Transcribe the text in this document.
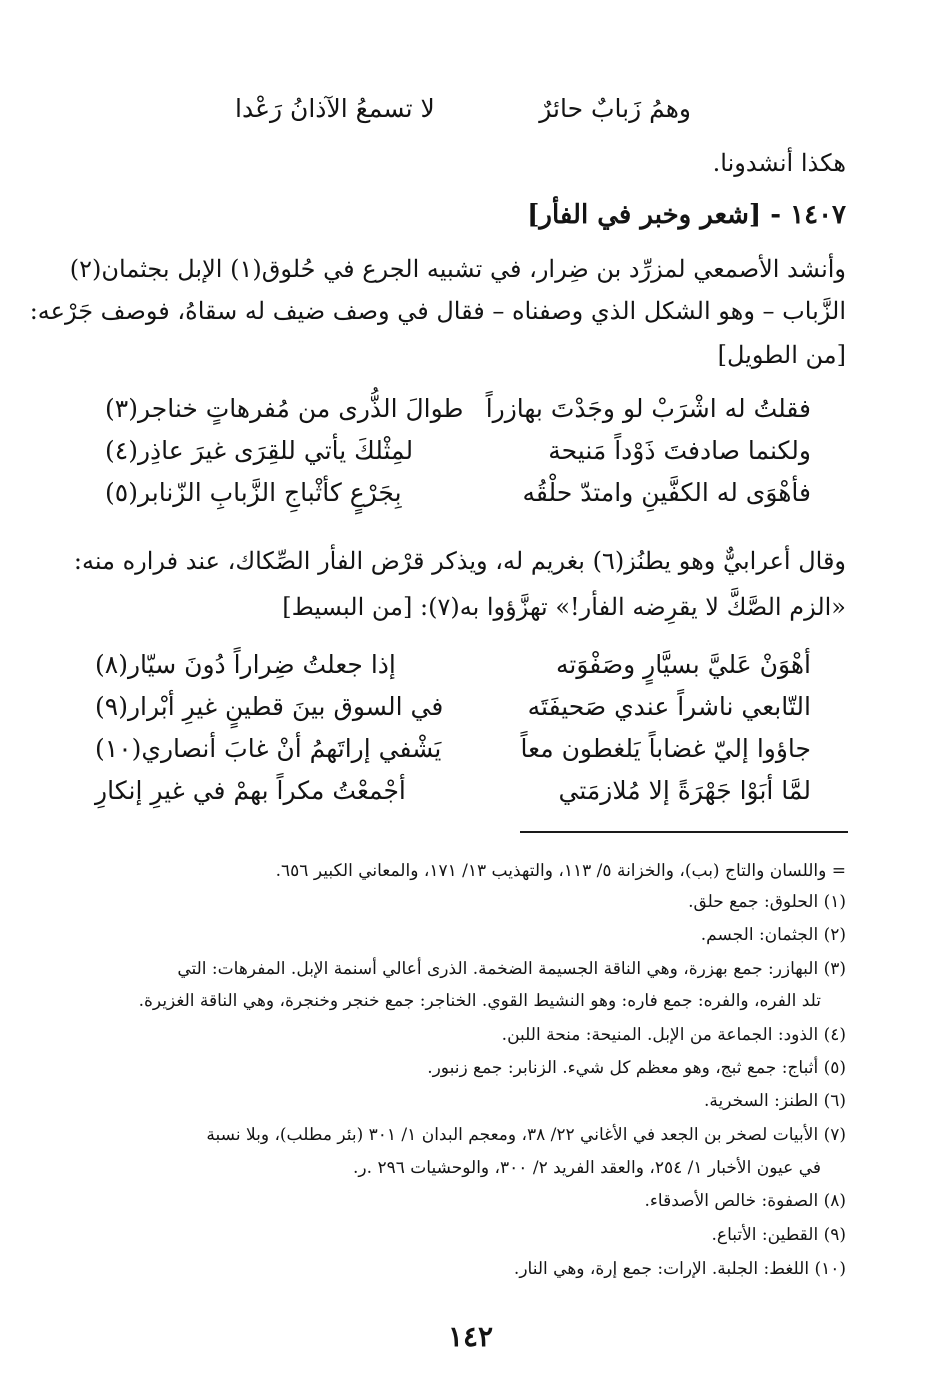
وهمُ زَبابٌ حائرٌ
لا تسمعُ الآذانُ رَعْدا
هكذا أنشدونا.
١٤٠٧ - [شعر وخبر في الفأر]
وأنشد الأصمعي لمزرِّد بن ضِرار، في تشبيه الجرع في حُلوق(١) الإبل بجثمان(٢)
الزَّباب – وهو الشكل الذي وصفناه – فقال في وصف ضيف له سقاهُ، فوصف جَرْعه:
[من الطويل]
فقلتُ له اشْرَبْ لو وجَدْتَ بهازراً
طوالَ الذُّرى من مُفرهاتٍ خناجر(٣)
ولكنما صادفتَ ذَوْداً مَنيحة
لمِثْلكَ يأتي للقِرَى غيرَ عاذِر(٤)
فأهْوَى له الكفَّينِ وامتدّ حلْقُه
بِجَرْعٍ كأثْباجِ الزَّبابِ الزّنابر(٥)
وقال أعرابيٌّ وهو يطنُز(٦) بغريم له، ويذكر قرْض الفأر الصِّكاك، عند فراره منه:
«الزم الصَّكَّ لا يقرِضه الفأر!» تهزَّؤوا به(٧): [من البسيط]
أهْوَنْ عَليَّ بسيَّارٍ وصَفْوَته
إذا جعلتُ ضِراراً دُونَ سيّار(٨)
التّابعي ناشراً عندي صَحيفَتَه
في السوق بينَ قطينٍ غيرِ أبْرار(٩)
جاؤوا إليّ غضاباً يَلغطون معاً
يَشْفي إراتَهمُ أنْ غابَ أنصاري(١٠)
لمَّا أبَوْا جَهْرَةً إلا مُلازمَتي
أجْمعْتُ مكراً بهمْ في غيرِ إنكارِ
= واللسان والتاج (بب)، والخزانة ٥/ ١١٣، والتهذيب ١٣/ ١٧١، والمعاني الكبير ٦٥٦.
(١) الحلوق: جمع حلق.
(٢) الجثمان: الجسم.
(٣) البهازر: جمع بهزرة، وهي الناقة الجسيمة الضخمة. الذرى أعالي أسنمة الإبل. المفرهات: التي
تلد الفره، والفره: جمع فاره: وهو النشيط القوي. الخناجر: جمع خنجر وخنجرة، وهي الناقة الغزيرة.
(٤) الذود: الجماعة من الإبل. المنيحة: منحة اللبن.
(٥) أثباج: جمع ثبج، وهو معظم كل شيء. الزنابر: جمع زنبور.
(٦) الطنز: السخرية.
(٧) الأبيات لصخر بن الجعد في الأغاني ٢٢/ ٣٨، ومعجم البدان ١/ ٣٠١ (بئر مطلب)، وبلا نسبة
في عيون الأخبار ١/ ٢٥٤، والعقد الفريد ٢/ ٣٠٠، والوحشيات ٢٩٦ .ر.
(٨) الصفوة: خالص الأصدقاء.
(٩) القطين: الأتباع.
(١٠) اللغط: الجلبة. الإرات: جمع إرة، وهي النار.
١٤٢
